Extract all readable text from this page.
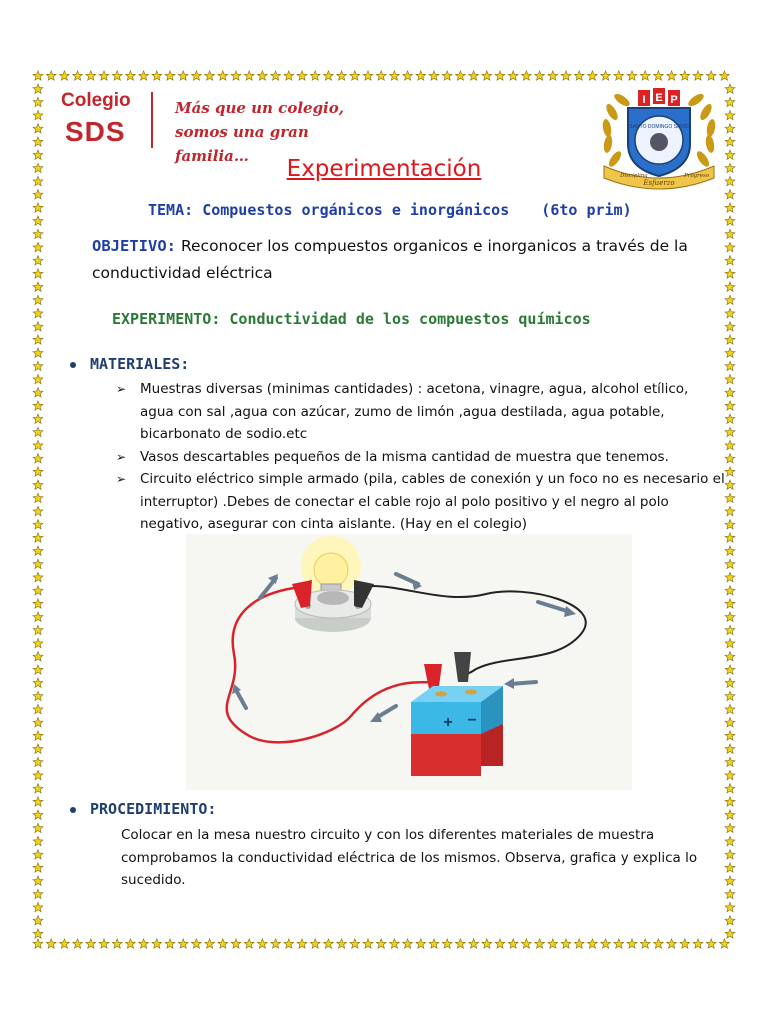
Colegio
SDS
Más que un colegio,
somos una gran familia…
I E P
SANTO DOMINGO SAVIO
Disciplina
Esfuerzo
Progreso
Experimentación
TEMA: Compuestos orgánicos e inorgánicos (6to prim)
OBJETIVO: Reconocer los compuestos organicos e inorganicos a través de la conductividad eléctrica
EXPERIMENTO: Conductividad de los compuestos químicos
MATERIALES:
➢ Muestras diversas (minimas cantidades) : acetona, vinagre, agua, alcohol etílico, agua con sal ,agua con azúcar, zumo de limón ,agua destilada, agua potable, bicarbonato de sodio.etc
➢ Vasos descartables pequeños de la misma cantidad de muestra que tenemos.
➢ Circuito eléctrico simple armado (pila, cables de conexión y un foco no es necesario el interruptor) .Debes de conectar el cable rojo al polo positivo y el negro al polo negativo, asegurar con cinta aislante. (Hay en el colegio)
+ −
PROCEDIMIENTO:
Colocar en la mesa nuestro circuito y con los diferentes materiales de muestra comprobamos la conductividad eléctrica de los mismos. Observa, grafica y explica lo sucedido.
